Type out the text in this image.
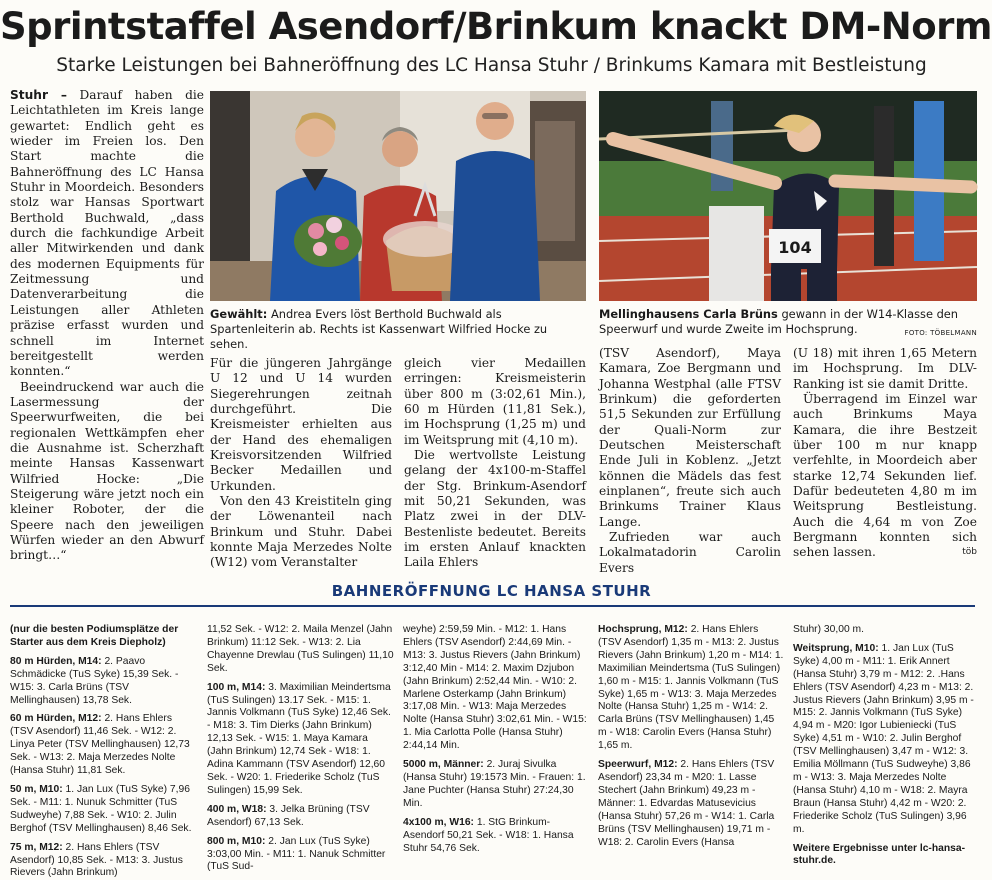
Sprintstaffel Asendorf/Brinkum knackt DM-Norm
Starke Leistungen bei Bahneröffnung des LC Hansa Stuhr / Brinkums Kamara mit Bestleistung

Stuhr – Darauf haben die Leichtathleten im Kreis lange gewartet: Endlich geht es wieder im Freien los. Den Start machte die Bahneröffnung des LC Hansa Stuhr in Moordeich. Besonders stolz war Hansas Sportwart Berthold Buchwald, „dass durch die fachkundige Arbeit aller Mitwirkenden und dank des modernen Equipments für Zeitmessung und Datenverarbeitung die Leistungen aller Athleten präzise erfasst wurden und schnell im Internet bereitgestellt werden konnten.“

Beeindruckend war auch die Lasermessung der Speerwurfweiten, die bei regionalen Wettkämpfen eher die Ausnahme ist. Scherzhaft meinte Hansas Kassenwart Wilfried Hocke: „Die Steigerung wäre jetzt noch ein kleiner Roboter, der die Speere nach den jeweiligen Würfen wieder an den Abwurf bringt…“

Gewählt: Andrea Evers löst Berthold Buchwald als Spartenleiterin ab. Rechts ist Kassenwart Wilfried Hocke zu sehen.
104
Mellinghausens Carla Brüns gewann in der W14-Klasse den Speerwurf und wurde Zweite im Hochsprung.	FOTO: TÖBELMANN

Für die jüngeren Jahrgänge U 12 und U 14 wurden Siegerehrungen zeitnah durchgeführt. Die Kreismeister erhielten aus der Hand des ehemaligen Kreisvorsitzenden Wilfried Becker Medaillen und Urkunden.

Von den 43 Kreistiteln ging der Löwenanteil nach Brinkum und Stuhr. Dabei konnte Maja Merzedes Nolte (W12) vom Veranstalter

gleich vier Medaillen erringen: Kreismeisterin über 800 m (3:02,61 Min.), 60 m Hürden (11,81 Sek.), im Hochsprung (1,25 m) und im Weitsprung mit (4,10 m).

Die wertvollste Leistung gelang der 4x100-m-Staffel der Stg. Brinkum-Asendorf mit 50,21 Sekunden, was Platz zwei in der DLV-Bestenliste bedeutet. Bereits im ersten Anlauf knackten Laila Ehlers

(TSV Asendorf), Maya Kamara, Zoe Bergmann und Johanna Westphal (alle FTSV Brinkum) die geforderten 51,5 Sekunden zur Erfüllung der Quali-Norm zur Deutschen Meisterschaft Ende Juli in Koblenz. „Jetzt können die Mädels das fest einplanen“, freute sich auch Brinkums Trainer Klaus Lange.

Zufrieden war auch Lokalmatadorin Carolin Evers

(U 18) mit ihren 1,65 Metern im Hochsprung. Im DLV-Ranking ist sie damit Dritte.

Überragend im Einzel war auch Brinkums Maya Kamara, die ihre Bestzeit über 100 m nur knapp verfehlte, in Moordeich aber starke 12,74 Sekunden lief. Dafür bedeuteten 4,80 m im Weitsprung Bestleistung. Auch die 4,64 m von Zoe Bergmann konnten sich sehen lassen.	töb

BAHNERÖFFNUNG LC HANSA STUHR

(nur die besten Podiumsplätze der Starter aus dem Kreis Diepholz)

80 m Hürden, M14: 2. Paavo Schmädicke (TuS Syke) 15,39 Sek. - W15: 3. Carla Brüns (TSV Mellinghausen) 13,78 Sek.

60 m Hürden, M12: 2. Hans Ehlers (TSV Asendorf) 11,46 Sek. - W12: 2. Linya Peter (TSV Mellinghausen) 12,73 Sek. - W13: 2. Maja Merzedes Nolte (Hansa Stuhr) 11,81 Sek.

50 m, M10: 1. Jan Lux (TuS Syke) 7,96 Sek. - M11: 1. Nunuk Schmitter (TuS Sudweyhe) 7,88 Sek. - W10: 2. Julin Berghof (TSV Mellinghausen) 8,46 Sek.

75 m, M12: 2. Hans Ehlers (TSV Asendorf) 10,85 Sek. - M13: 3. Justus Rievers (Jahn Brinkum)

11,52 Sek. - W12: 2. Maila Menzel (Jahn Brinkum) 11:12 Sek. - W13: 2. Lia Chayenne Drewlau (TuS Sulingen) 11,10 Sek.

100 m, M14: 3. Maximilian Meindertsma (TuS Sulingen) 13.17 Sek. - M15: 1. Jannis Volkmann (TuS Syke) 12,46 Sek. - M18: 3. Tim Dierks (Jahn Brinkum) 12,13 Sek. - W15: 1. Maya Kamara (Jahn Brinkum) 12,74 Sek - W18: 1. Adina Kammann (TSV Asendorf) 12,60 Sek. - W20: 1. Friederike Scholz (TuS Sulingen) 15,99 Sek.

400 m, W18: 3. Jelka Brüning (TSV Asendorf) 67,13 Sek.

800 m, M10: 2. Jan Lux (TuS Syke) 3:03,00 Min. - M11: 1. Nanuk Schmitter (TuS Sud-

weyhe) 2:59,59 Min. - M12: 1. Hans Ehlers (TSV Asendorf) 2:44,69 Min. - M13: 3. Justus Rievers (Jahn Brinkum) 3:12,40 Min - M14: 2. Maxim Dzjubon (Jahn Brinkum) 2:52,44 Min. - W10: 2. Marlene Osterkamp (Jahn Brinkum) 3:17,08 Min. - W13: Maja Merzedes Nolte (Hansa Stuhr) 3:02,61 Min. - W15: 1. Mia Carlotta Polle (Hansa Stuhr) 2:44,14 Min.

5000 m, Männer: 2. Juraj Sivulka (Hansa Stuhr) 19:1573 Min. - Frauen: 1. Jane Puchter (Hansa Stuhr) 27:24,30 Min.

4x100 m, W16: 1. StG Brinkum-Asendorf 50,21 Sek. - W18: 1. Hansa Stuhr 54,76 Sek.

Hochsprung, M12: 2. Hans Ehlers (TSV Asendorf) 1,35 m - M13: 2. Justus Rievers (Jahn Brinkum) 1,20 m - M14: 1. Maximilian Meindertsma (TuS Sulingen) 1,60 m - M15: 1. Jannis Volkmann (TuS Syke) 1,65 m - W13: 3. Maja Merzedes Nolte (Hansa Stuhr) 1,25 m - W14: 2. Carla Brüns (TSV Mellinghausen) 1,45 m - W18: Carolin Evers (Hansa Stuhr) 1,65 m.

Speerwurf, M12: 2. Hans Ehlers (TSV Asendorf) 23,34 m - M20: 1. Lasse Stechert (Jahn Brinkum) 49,23 m - Männer: 1. Edvardas Matusevicius (Hansa Stuhr) 57,26 m - W14: 1. Carla Brüns (TSV Mellinghausen) 19,71 m - W18: 2. Carolin Evers (Hansa

Stuhr) 30,00 m.

Weitsprung, M10: 1. Jan Lux (TuS Syke) 4,00 m - M11: 1. Erik Annert (Hansa Stuhr) 3,79 m - M12: 2. .Hans Ehlers (TSV Asendorf) 4,23 m - M13: 2. Justus Rievers (Jahn Brinkum) 3,95 m - M15: 2. Jannis Volkmann (TuS Syke) 4,94 m - M20: Igor Lubieniecki (TuS Syke) 4,51 m - W10: 2. Julin Berghof (TSV Mellinghausen) 3,47 m - W12: 3. Emilia Möllmann (TuS Sudweyhe) 3,86 m - W13: 3. Maja Merzedes Nolte (Hansa Stuhr) 4,10 m - W18: 2. Mayra Braun (Hansa Stuhr) 4,42 m - W20: 2. Friederike Scholz (TuS Sulingen) 3,96 m.

Weitere Ergebnisse unter lc-hansa-stuhr.de.
